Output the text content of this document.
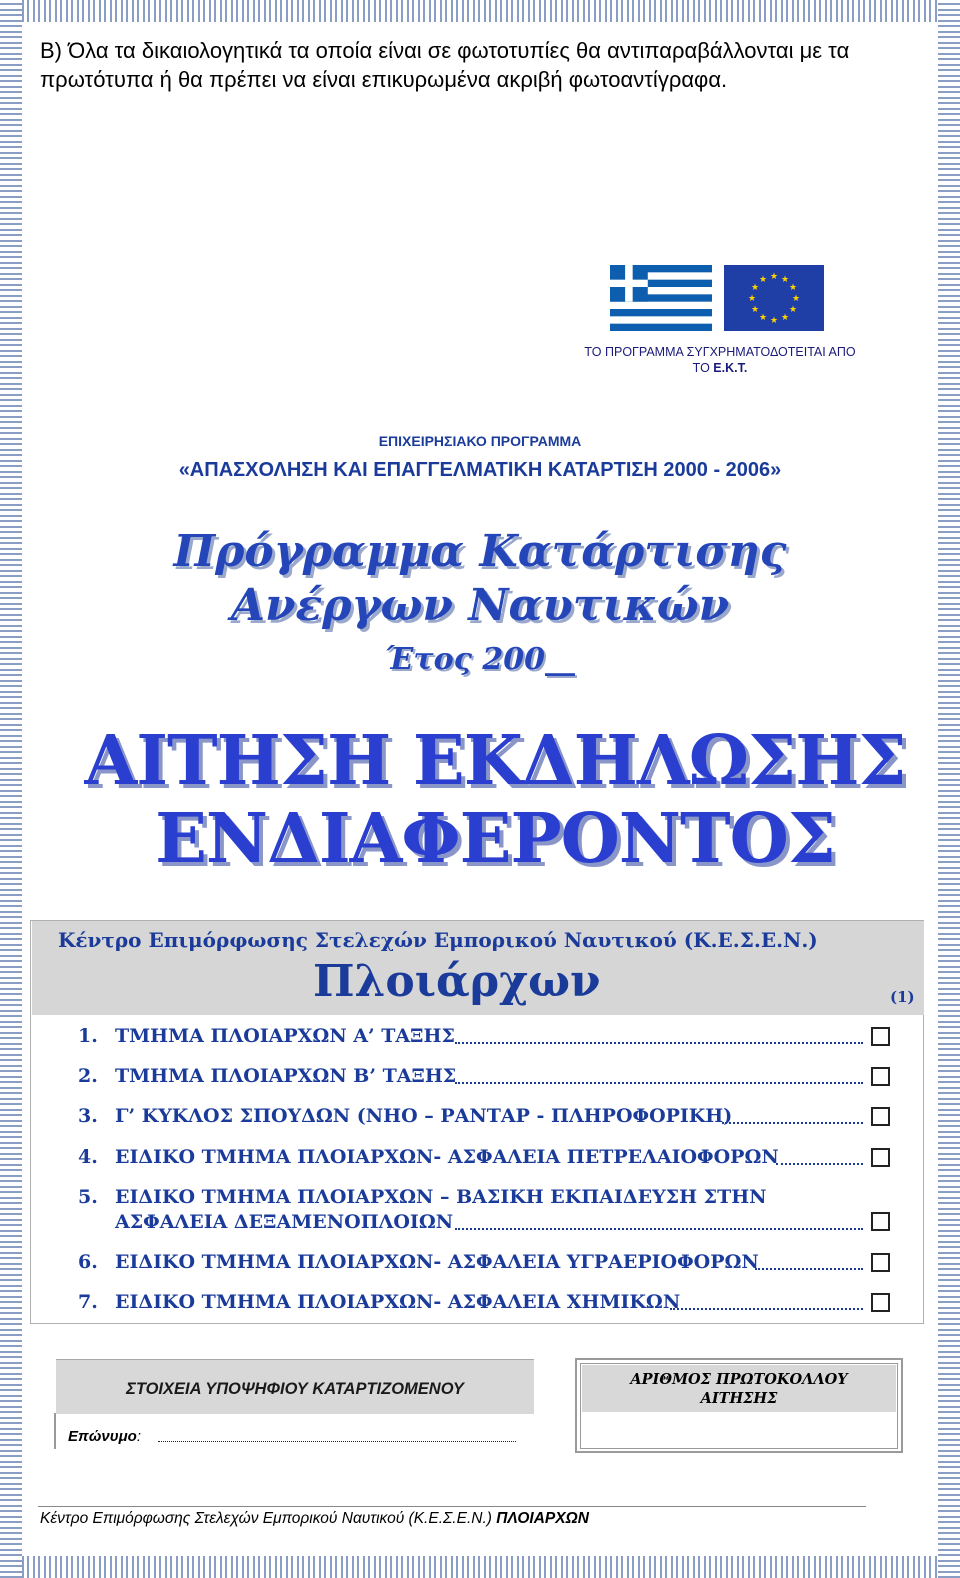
Β) Όλα τα δικαιολογητικά τα οποία είναι σε φωτοτυπίες θα αντιπαραβάλλονται με τα πρωτότυπα ή θα πρέπει να είναι επικυρωμένα ακριβή φωτοαντίγραφα.
★ ★
★
★
★
★
★
★
★
★
★
★
ΤΟ ΠΡΟΓΡΑΜΜΑ ΣΥΓΧΡΗΜΑΤΟΔΟΤΕΙΤΑΙ ΑΠΟ
ΤΟ Ε.Κ.Τ.
ΕΠΙΧΕΙΡΗΣΙΑΚΟ ΠΡΟΓΡΑΜΜΑ
«ΑΠΑΣΧΟΛΗΣΗ ΚΑΙ ΕΠΑΓΓΕΛΜΑΤΙΚΗ ΚΑΤΑΡΤΙΣΗ 2000 - 2006»
Πρόγραμμα Κατάρτισης
Ανέργων Ναυτικών
Έτος 200__
ΑΙΤΗΣΗ ΕΚΔΗΛΩΣΗΣ
ΕΝΔΙΑΦΕΡΟΝΤΟΣ
Κέντρο Επιμόρφωσης Στελεχών Εμπορικού Ναυτικού (Κ.Ε.Σ.Ε.Ν.)
Πλοιάρχων	(1)
1. ΤΜΗΜΑ ΠΛΟΙΑΡΧΩΝ Α’ ΤΑΞΗΣ
2. ΤΜΗΜΑ ΠΛΟΙΑΡΧΩΝ Β’ ΤΑΞΗΣ
3. Γ’ ΚΥΚΛΟΣ ΣΠΟΥΔΩΝ (ΝΗΟ – ΡΑΝΤΑΡ - ΠΛΗΡΟΦΟΡΙΚΗ)
4. ΕΙΔΙΚΟ ΤΜΗΜΑ ΠΛΟΙΑΡΧΩΝ- ΑΣΦΑΛΕΙΑ ΠΕΤΡΕΛΑΙΟΦΟΡΩΝ
5. ΕΙΔΙΚΟ ΤΜΗΜΑ ΠΛΟΙΑΡΧΩΝ – ΒΑΣΙΚΗ ΕΚΠΑΙΔΕΥΣΗ ΣΤΗΝ
ΑΣΦΑΛΕΙΑ ΔΕΞΑΜΕΝΟΠΛΟΙΩΝ
6. ΕΙΔΙΚΟ ΤΜΗΜΑ ΠΛΟΙΑΡΧΩΝ- ΑΣΦΑΛΕΙΑ ΥΓΡΑΕΡΙΟΦΟΡΩΝ
7. ΕΙΔΙΚΟ ΤΜΗΜΑ ΠΛΟΙΑΡΧΩΝ- ΑΣΦΑΛΕΙΑ ΧΗΜΙΚΩΝ
ΣΤΟΙΧΕΙΑ ΥΠΟΨΗΦΙΟΥ ΚΑΤΑΡΤΙΖΟΜΕΝΟΥ
Επώνυμο:
ΑΡΙΘΜΟΣ ΠΡΩΤΟΚΟΛΛΟΥ
ΑΙΤΗΣΗΣ
Κέντρο Επιμόρφωσης Στελεχών Εμπορικού Ναυτικού (Κ.Ε.Σ.Ε.Ν.) ΠΛΟΙΑΡΧΩΝ
